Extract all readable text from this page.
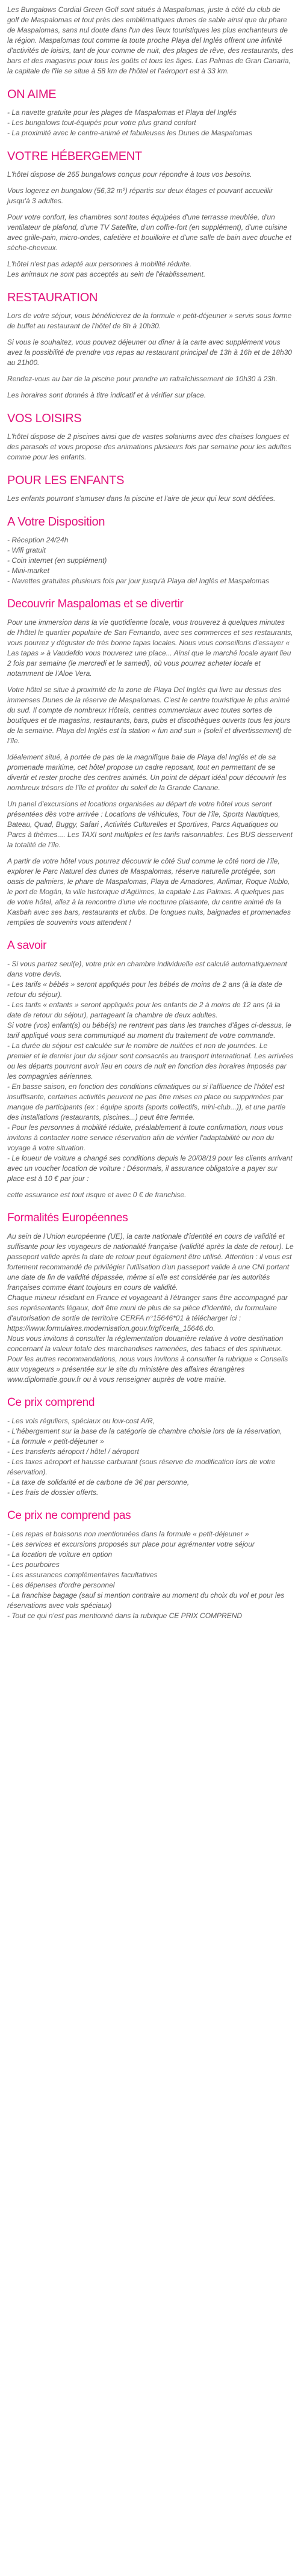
Les Bungalows Cordial Green Golf sont situés à Maspalomas, juste à côté du club de golf de Maspalomas et tout près des emblématiques dunes de sable ainsi que du phare de Maspalomas, sans nul doute dans l'un des lieux touristiques les plus enchanteurs de la région. Maspalomas tout comme la toute proche Playa del Inglés offrent une infinité d'activités de loisirs, tant de jour comme de nuit, des plages de rêve, des restaurants, des bars et des magasins pour tous les goûts et tous les âges. Las Palmas de Gran Canaria, la capitale de l'île se situe à 58 km de l'hôtel et l'aéroport est à 33 km.

ON AIME
- La navette gratuite pour les plages de Maspalomas et Playa del Inglés
- Les bungalows tout-équipés pour votre plus grand confort
- La proximité avec le centre-animé et fabuleuses les Dunes de Maspalomas
VOTRE HÉBERGEMENT

L'hôtel dispose de 265 bungalows conçus pour répondre à tous vos besoins.

Vous logerez en bungalow (56,32 m²) répartis sur deux étages et pouvant accueillir jusqu'à 3 adultes.

Pour votre confort, les chambres sont toutes équipées d'une terrasse meublée, d'un ventilateur de plafond, d'une TV Satellite, d'un coffre-fort (en supplément), d'une cuisine avec grille-pain, micro-ondes, cafetière et bouilloire et d'une salle de bain avec douche et sèche-cheveux.

L'hôtel n'est pas adapté aux personnes à mobilité réduite.
Les animaux ne sont pas acceptés au sein de l'établissement.

RESTAURATION

Lors de votre séjour, vous bénéficierez de la formule « petit-déjeuner » servis sous forme de buffet au restaurant de l'hôtel de 8h à 10h30.

Si vous le souhaitez, vous pouvez déjeuner ou dîner à la carte avec supplément vous avez la possibilité de prendre vos repas au restaurant principal de 13h à 16h et de 18h30 au 21h00.

Rendez-vous au bar de la piscine pour prendre un rafraîchissement de 10h30 à 23h.

Les horaires sont donnés à titre indicatif et à vérifier sur place.

VOS LOISIRS

L'hôtel dispose de 2 piscines ainsi que de vastes solariums avec des chaises longues et des parasols et vous propose des animations plusieurs fois par semaine pour les adultes comme pour les enfants.

POUR LES ENFANTS

Les enfants pourront s'amuser dans la piscine et l'aire de jeux qui leur sont dédiées.

A Votre Disposition
- Réception 24/24h
- Wifi gratuit
- Coin internet (en supplément)
- Mini-market
- Navettes gratuites plusieurs fois par jour jusqu'à Playa del Inglés et Maspalomas
Decouvrir Maspalomas et se divertir

Pour une immersion dans la vie quotidienne locale, vous trouverez à quelques minutes de l'hôtel le quartier populaire de San Fernando, avec ses commerces et ses restaurants, vous pourrez y déguster de très bonne tapas locales. Nous vous conseillons d'essayer « Las tapas » à Vaudefdo vous trouverez une place... Ainsi que le marché locale ayant lieu 2 fois par semaine (le mercredi et le samedi), où vous pourrez acheter locale et notamment de l'Aloe Vera.

Votre hôtel se situe à proximité de la zone de Playa Del Inglés qui livre au dessus des immenses Dunes de la réserve de Maspalomas. C'est le centre touristique le plus animé du sud. Il compte de nombreux Hôtels, centres commerciaux avec toutes sortes de boutiques et de magasins, restaurants, bars, pubs et discothèques ouverts tous les jours de la semaine. Playa del Inglés est la station « fun and sun » (soleil et divertissement) de l'île.

Idéalement situé, à portée de pas de la magnifique baie de Playa del Inglés et de sa promenade maritime, cet hôtel propose un cadre reposant, tout en permettant de se divertir et rester proche des centres animés. Un point de départ idéal pour découvrir les nombreux trésors de l'île et profiter du soleil de la Grande Canarie.

Un panel d'excursions et locations organisées au départ de votre hôtel vous seront présentées dès votre arrivée : Locations de véhicules, Tour de l'île, Sports Nautiques, Bateau, Quad, Buggy, Safari , Activités Culturelles et Sportives, Parcs Aquatiques ou Parcs à thèmes.... Les TAXI sont multiples et les tarifs raisonnables. Les BUS desservent la totalité de l'île.

A partir de votre hôtel vous pourrez découvrir le côté Sud comme le côté nord de l'île, explorer le Parc Naturel des dunes de Maspalomas, réserve naturelle protégée, son oasis de palmiers, le phare de Maspalomas, Playa de Amadores, Anfimar, Roque Nublo, le port de Mogán, la ville historique d'Agüimes, la capitale Las Palmas. A quelques pas de votre hôtel, allez à la rencontre d'une vie nocturne plaisante, du centre animé de la Kasbah avec ses bars, restaurants et clubs. De longues nuits, baignades et promenades remplies de souvenirs vous attendent !

A savoir
- Si vous partez seul(e), votre prix en chambre individuelle est calculé automatiquement dans votre devis.
- Les tarifs « bébés » seront appliqués pour les bébés de moins de 2 ans (à la date de retour du séjour).
- Les tarifs « enfants » seront appliqués pour les enfants de 2 à moins de 12 ans (à la date de retour du séjour), partageant la chambre de deux adultes.
Si votre (vos) enfant(s) ou bébé(s) ne rentrent pas dans les tranches d'âges ci-dessus, le tarif appliqué vous sera communiqué au moment du traitement de votre commande.
- La durée du séjour est calculée sur le nombre de nuitées et non de journées. Le premier et le dernier jour du séjour sont consacrés au transport international. Les arrivées ou les départs pourront avoir lieu en cours de nuit en fonction des horaires imposés par les compagnies aériennes.
- En basse saison, en fonction des conditions climatiques ou si l'affluence de l'hôtel est insuffisante, certaines activités peuvent ne pas être mises en place ou supprimées par manque de participants (ex : équipe sports (sports collectifs, mini-club...)), et une partie des installations (restaurants, piscines...) peut être fermée.
- Pour les personnes à mobilité réduite, préalablement à toute confirmation, nous vous invitons à contacter notre service réservation afin de vérifier l'adaptabilité ou non du voyage à votre situation.
- Le loueur de voiture a changé ses conditions depuis le 20/08/19 pour les clients arrivant avec un voucher location de voiture : Désormais, il assurance obligatoire a payer sur place est à 10 € par jour :
cette assurance est tout risque et avec 0 € de franchise.
Formalités Européennes
Au sein de l'Union européenne (UE), la carte nationale d'identité en cours de validité et suffisante pour les voyageurs de nationalité française (validité après la date de retour). Le passeport valide après la date de retour peut également être utilisé. Attention : il vous est fortement recommandé de privilégier l'utilisation d'un passeport valide à une CNI portant une date de fin de validité dépassée, même si elle est considérée par les autorités françaises comme étant toujours en cours de validité.
Chaque mineur résidant en France et voyageant à l'étranger sans être accompagné par ses représentants légaux, doit être muni de plus de sa pièce d'identité, du formulaire d'autorisation de sortie de territoire CERFA n°15646*01 à télécharger ici :
https://www.formulaires.modernisation.gouv.fr/gf/cerfa_15646.do.
Nous vous invitons à consulter la réglementation douanière relative à votre destination concernant la valeur totale des marchandises ramenées, des tabacs et des spiritueux.
Pour les autres recommandations, nous vous invitons à consulter la rubrique « Conseils aux voyageurs » présentée sur le site du ministère des affaires étrangères www.diplomatie.gouv.fr ou à vous renseigner auprès de votre mairie.
Ce prix comprend
- Les vols réguliers, spéciaux ou low-cost A/R,
- L'hébergement sur la base de la catégorie de chambre choisie lors de la réservation,
- La formule « petit-déjeuner »
- Les transferts aéroport / hôtel / aéroport
- Les taxes aéroport et hausse carburant (sous réserve de modification lors de votre réservation).
- La taxe de solidarité et de carbone de 3€ par personne,
- Les frais de dossier offerts.
Ce prix ne comprend pas
- Les repas et boissons non mentionnées dans la formule « petit-déjeuner »
- Les services et excursions proposés sur place pour agrémenter votre séjour
- La location de voiture en option
- Les pourboires
- Les assurances complémentaires facultatives
- Les dépenses d'ordre personnel
- La franchise bagage (sauf si mention contraire au moment du choix du vol et pour les réservations avec vols spéciaux)
- Tout ce qui n'est pas mentionné dans la rubrique CE PRIX COMPREND
